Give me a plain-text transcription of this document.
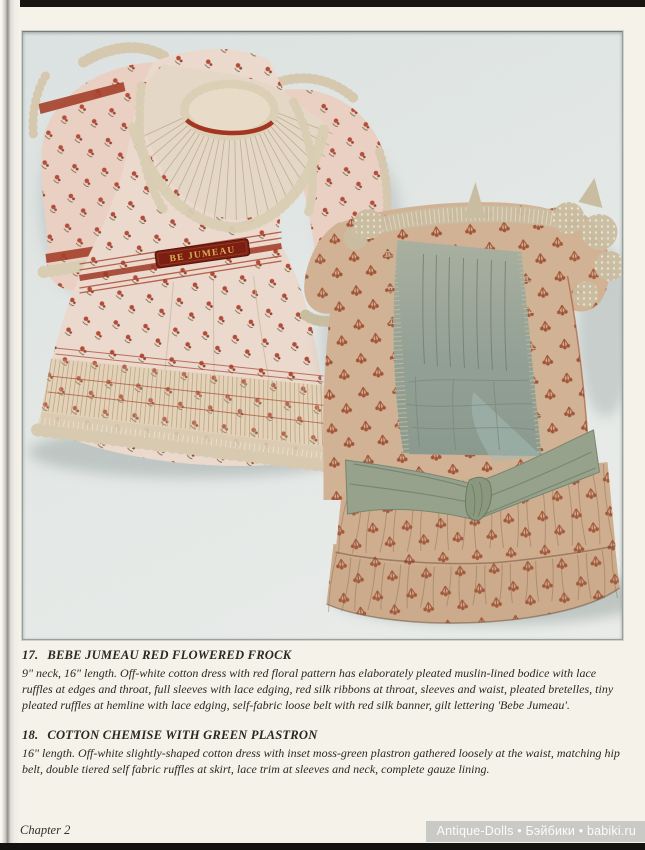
BE JUMEAU
17. BEBE JUMEAU RED FLOWERED FROCK
9" neck, 16" length. Off-white cotton dress with red floral pattern has elaborately pleated muslin-lined bodice with lace ruffles at edges and throat, full sleeves with lace edging, red silk ribbons at throat, sleeves and waist, pleated bretelles, tiny pleated ruffles at hemline with lace edging, self-fabric loose belt with red silk banner, gilt lettering 'Bebe Jumeau'.
18. COTTON CHEMISE WITH GREEN PLASTRON
16" length. Off-white slightly-shaped cotton dress with inset moss-green plastron gathered loosely at the waist, matching hip belt, double tiered self fabric ruffles at skirt, lace trim at sleeves and neck, complete gauze lining.
Chapter 2	Antique-Dolls • Бэйбики • babiki.ru
